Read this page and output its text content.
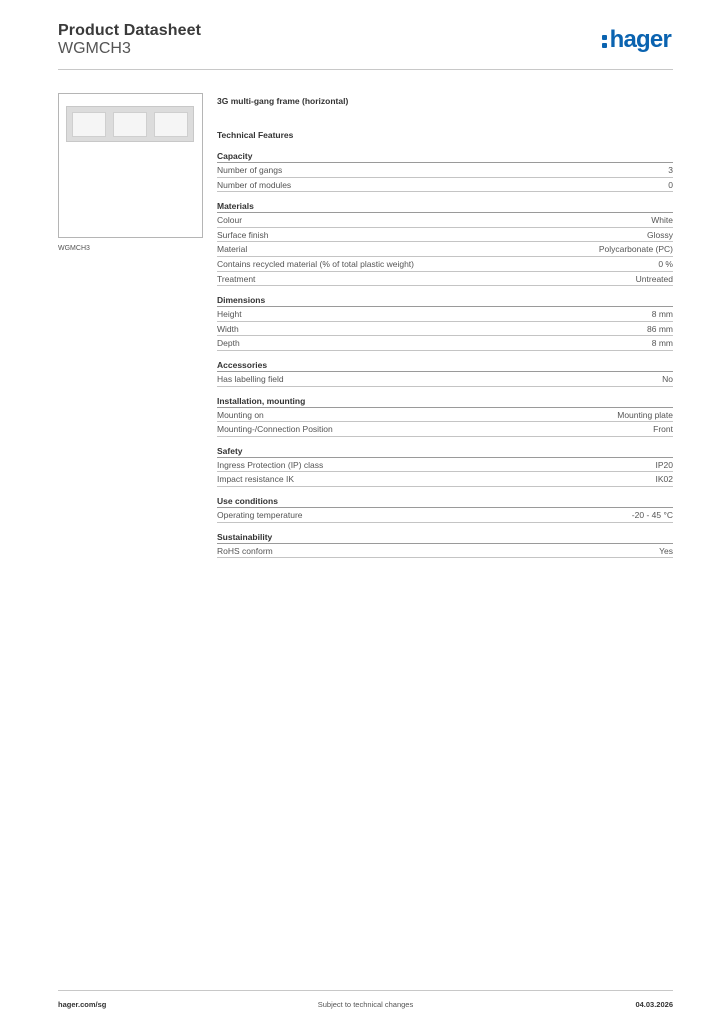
Product Datasheet
WGMCH3	hager
WGMCH3
3G multi-gang frame (horizontal)
Technical Features
Capacity
Number of gangs	3
Number of modules	0
Materials
Colour	White
Surface finish	Glossy
Material	Polycarbonate (PC)
Contains recycled material (% of total plastic weight)	0 %
Treatment	Untreated
Dimensions
Height	8 mm
Width	86 mm
Depth	8 mm
Accessories
Has labelling field	No
Installation, mounting
Mounting on	Mounting plate
Mounting-/Connection Position	Front
Safety
Ingress Protection (IP) class	IP20
Impact resistance IK	IK02
Use conditions
Operating temperature	-20 - 45 °C
Sustainability
RoHS conform	Yes
hager.com/sg	Subject to technical changes	04.03.2026
